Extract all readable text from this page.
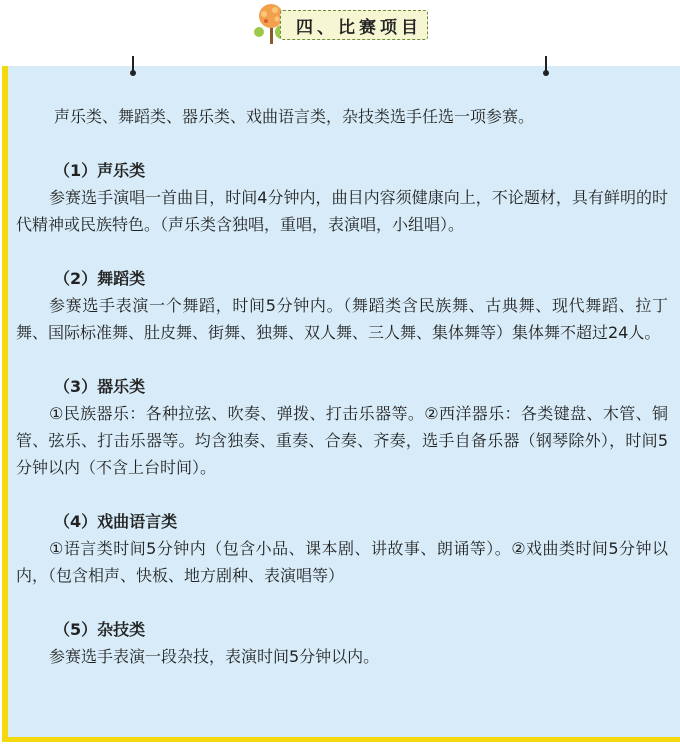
四、比赛项目

声乐类、舞蹈类、器乐类、戏曲语言类，杂技类选手任选一项参赛。

（1）声乐类

参赛选手演唱一首曲目，时间4分钟内，曲目内容须健康向上，不论题材，具有鲜明的时代精神或民族特色。（声乐类含独唱，重唱，表演唱，小组唱）。

（2）舞蹈类

参赛选手表演一个舞蹈，时间5分钟内。（舞蹈类含民族舞、古典舞、现代舞蹈、拉丁舞、国际标准舞、肚皮舞、街舞、独舞、双人舞、三人舞、集体舞等）集体舞不超过24人。

（3）器乐类

①民族器乐：各种拉弦、吹奏、弹拨、打击乐器等。②西洋器乐：各类键盘、木管、铜管、弦乐、打击乐器等。均含独奏、重奏、合奏、齐奏，选手自备乐器（钢琴除外），时间5分钟以内（不含上台时间）。

（4）戏曲语言类

①语言类时间5分钟内（包含小品、课本剧、讲故事、朗诵等）。②戏曲类时间5分钟以内，（包含相声、快板、地方剧种、表演唱等）

（5）杂技类

参赛选手表演一段杂技，表演时间5分钟以内。
